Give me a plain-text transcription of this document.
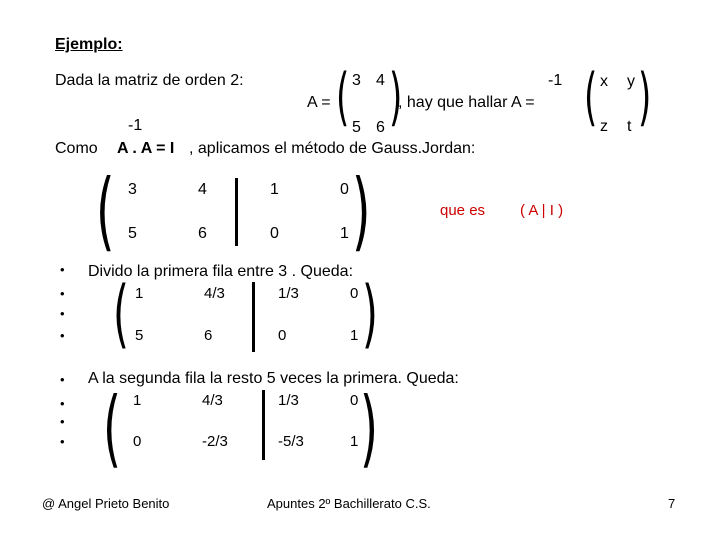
Ejemplo:
Dada la matriz de orden 2:
A = ( 3 4
5 6 )
, hay que hallar A =
-1 ( x y
z t )
-1
Como A . A = I , aplicamos el método de Gauss.Jordan:
( 3	4	1	0
5	6	0	1 )	que es ( A | I )
•
•
•
•
Divido la primera fila entre 3 . Queda:
( 1	4/3	1/3	0
5	6	0	1 )
•
•
•
•
A la segunda fila la resto 5 veces la primera. Queda:
( 1	4/3	1/3	0
0	-2/3	-5/3	1 )
@ Angel Prieto Benito	Apuntes 2º Bachillerato C.S.	7
